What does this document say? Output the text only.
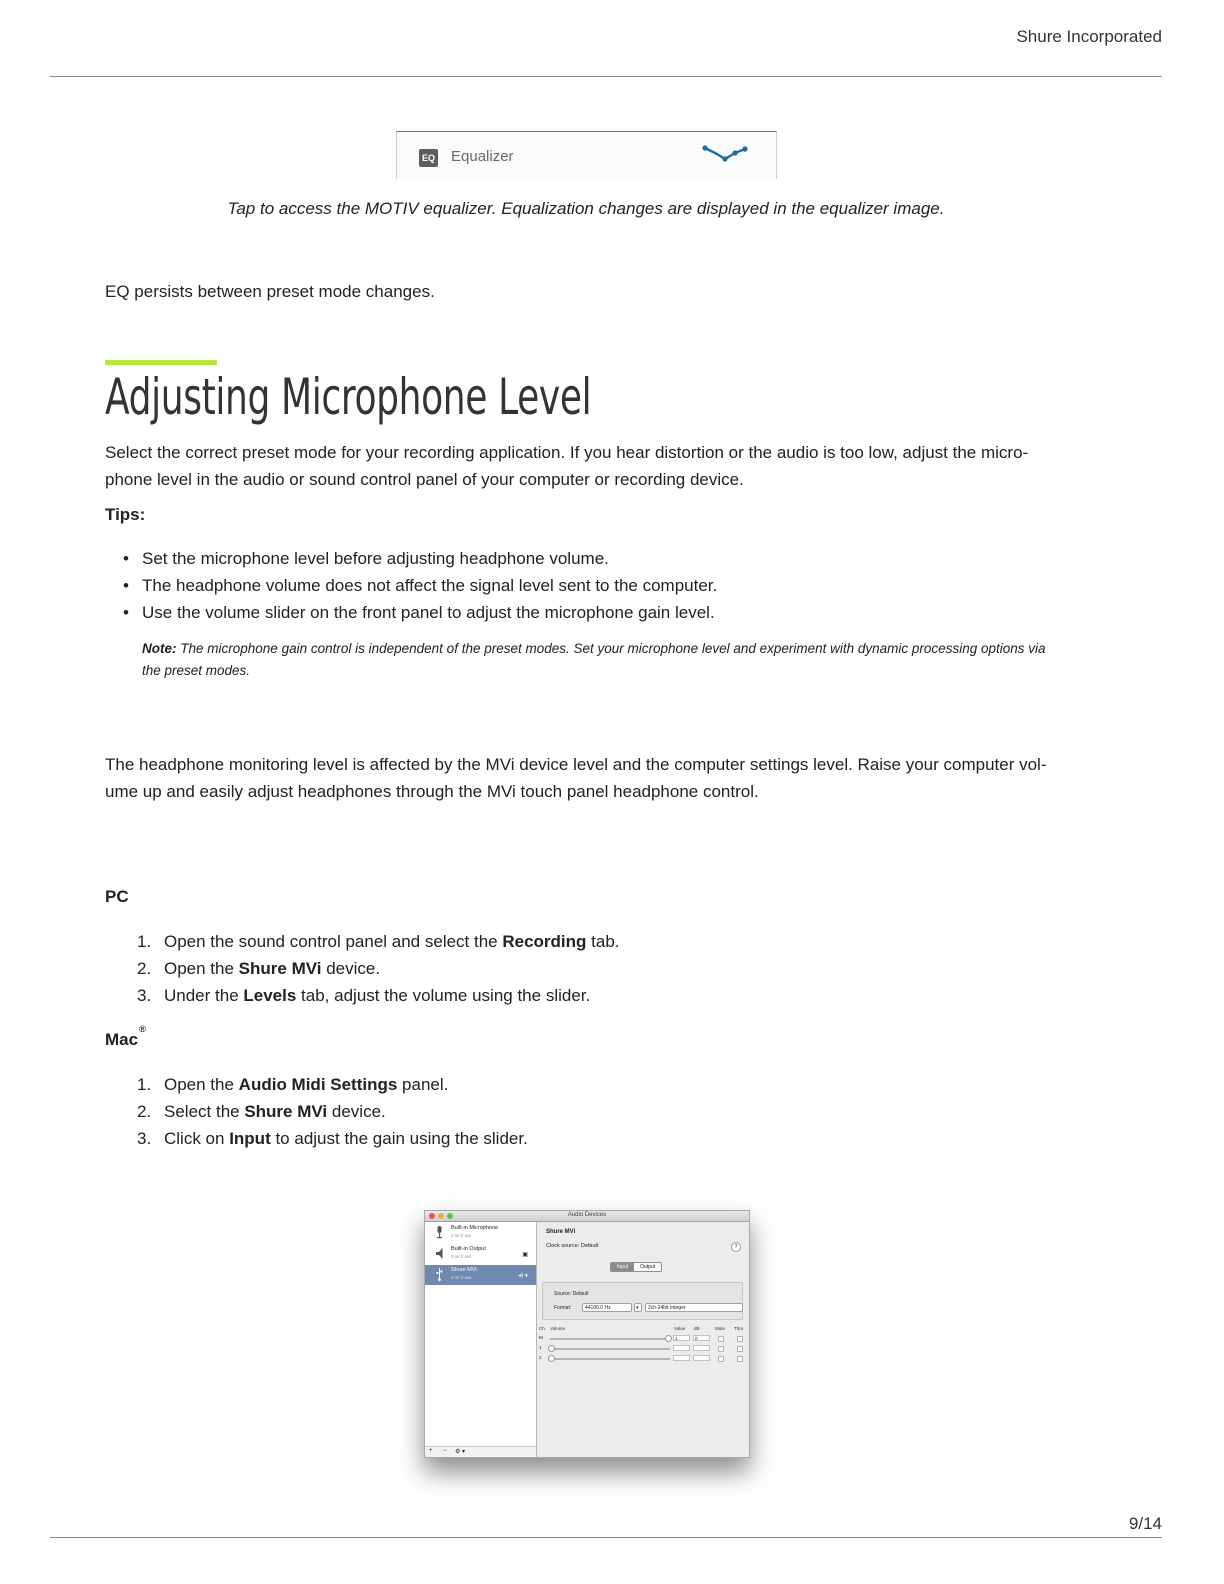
Shure Incorporated
EQ Equalizer
Tap to access the MOTIV equalizer. Equalization changes are displayed in the equalizer image.
EQ persists between preset mode changes.
Adjusting Microphone Level
Select the correct preset mode for your recording application. If you hear distortion or the audio is too low, adjust the micro-
phone level in the audio or sound control panel of your computer or recording device.
Tips:
• Set the microphone level before adjusting headphone volume.
• The headphone volume does not affect the signal level sent to the computer.
• Use the volume slider on the front panel to adjust the microphone gain level.
Note: The microphone gain control is independent of the preset modes. Set your microphone level and experiment with dynamic processing options via
the preset modes.
The headphone monitoring level is affected by the MVi device level and the computer settings level. Raise your computer vol-
ume up and easily adjust headphones through the MVi touch panel headphone control.
PC
1. Open the sound control panel and select the Recording tab.
2. Open the Shure MVi device.
3. Under the Levels tab, adjust the volume using the slider.
Mac®
1. Open the Audio Midi Settings panel.
2. Select the Shure MVi device.
3. Click on Input to adjust the gain using the slider.
Audio Devices
Built-in Microphone
2 in/ 0 out
Built-in Output
0 in/ 2 out	▣
Shure MVi
2 in/ 2 out	◂) ♦
+ − ⚙ ▾
Shure MVi
Clock source: Default	?
Input	Output
Source: Default
Format:	44100.0 Hz	▾	2ch-24bit Integer
Ch Volume	Value dB	Mute Thru
M	1	0
1
2
9/14
